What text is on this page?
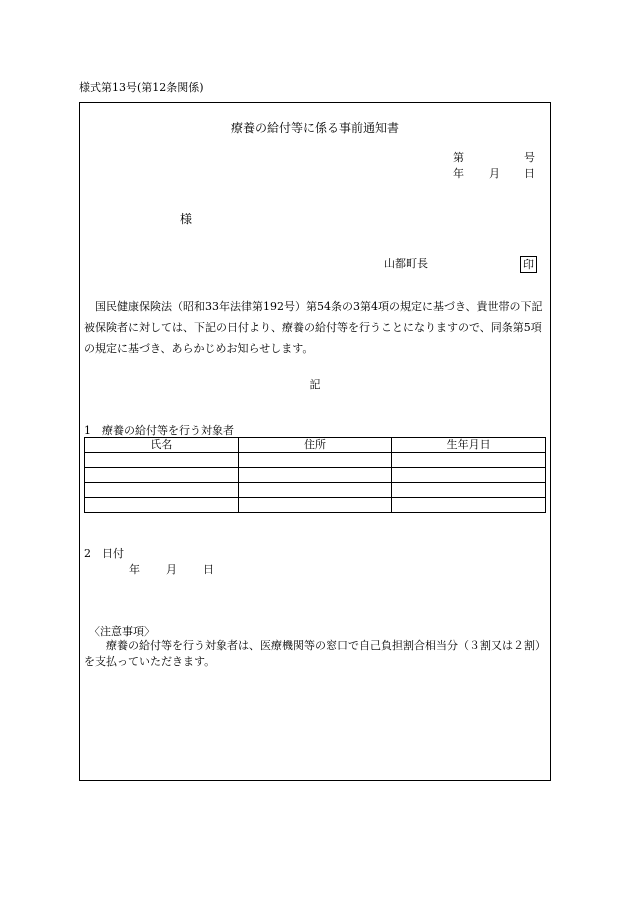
様式第13号(第12条関係)
療養の給付等に係る事前通知書
第	号
年 月 日
様
山都町長	印
国民健康保険法（昭和33年法律第192号）第54条の3第4項の規定に基づき、貴世帯の下記被保険者に対しては、下記の日付より、療養の給付等を行うことになりますので、同条第5項の規定に基づき、あらかじめお知らせします。
記
1　療養の給付等を行う対象者
氏名	住所	生年月日

2　日付
年 月 日
〈注意事項〉
療養の給付等を行う対象者は、医療機関等の窓口で自己負担割合相当分（３割又は２割）を支払っていただきます。
